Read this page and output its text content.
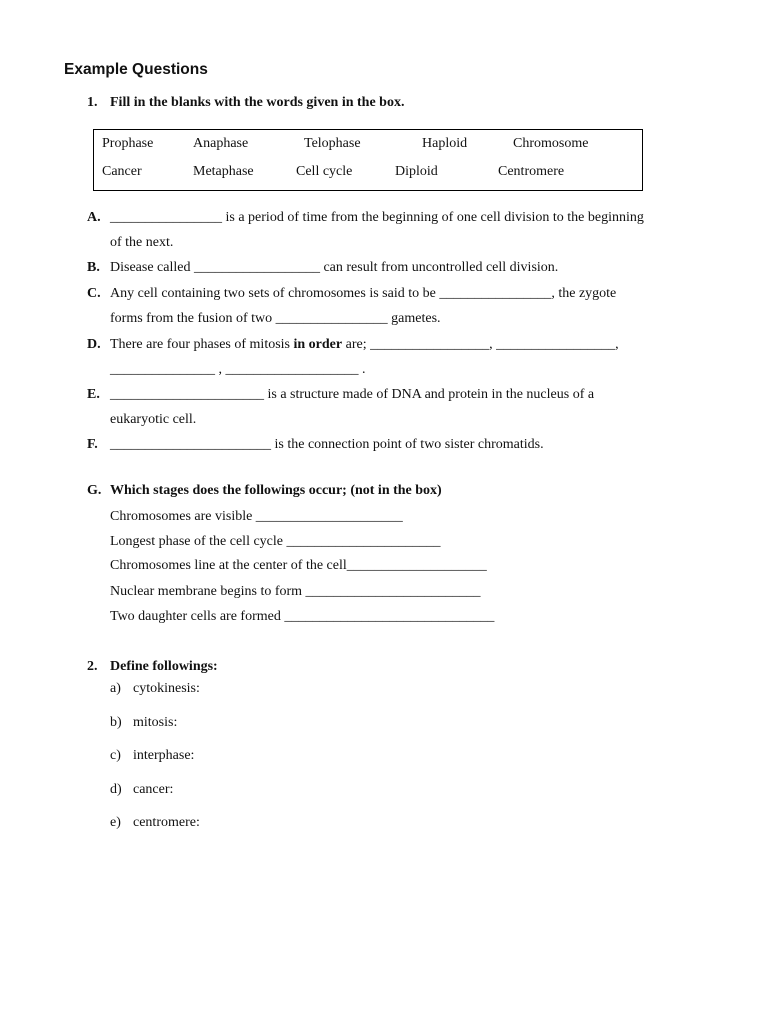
Example Questions
1. Fill in the blanks with the words given in the box.
Prophase	Anaphase	Telophase	Haploid	Chromosome
Cancer	Metaphase	Cell cycle	Diploid	Centromere
A. ________________ is a period of time from the beginning of one cell division to the beginning
of the next.
B. Disease called __________________ can result from uncontrolled cell division.
C. Any cell containing two sets of chromosomes is said to be ________________, the zygote
forms from the fusion of two ________________ gametes.
D. There are four phases of mitosis in order are; _________________, _________________,
_______________ , ___________________ .
E. ______________________ is a structure made of DNA and protein in the nucleus of a
eukaryotic cell.
F. _______________________ is the connection point of two sister chromatids.
G. Which stages does the followings occur; (not in the box)
Chromosomes are visible _____________________
Longest phase of the cell cycle ______________________
Chromosomes line at the center of the cell____________________
Nuclear membrane begins to form _________________________
Two daughter cells are formed ______________________________
2. Define followings:
a) cytokinesis:
b) mitosis:
c) interphase:
d) cancer:
e) centromere:
